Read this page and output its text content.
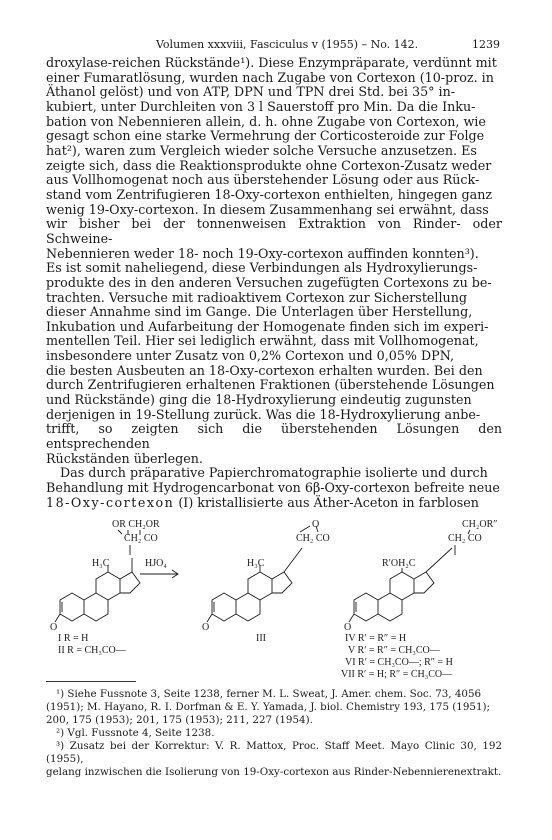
Volumen xxxviii, Fasciculus v (1955) – No. 142.	1239

droxylase-reichen Rückstände¹). Diese Enzympräparate, verdünnt mit

einer Fumaratlösung, wurden nach Zugabe von Cortexon (10-proz. in

Äthanol gelöst) und von ATP, DPN und TPN drei Std. bei 35° in-

kubiert, unter Durchleiten von 3 l Sauerstoff pro Min. Da die Inku-

bation von Nebennieren allein, d. h. ohne Zugabe von Cortexon, wie

gesagt schon eine starke Vermehrung der Corticosteroide zur Folge

hat²), waren zum Vergleich wieder solche Versuche anzusetzen. Es

zeigte sich, dass die Reaktionsprodukte ohne Cortexon-Zusatz weder

aus Vollhomogenat noch aus überstehender Lösung oder aus Rück-

stand vom Zentrifugieren 18-Oxy-cortexon enthielten, hingegen ganz

wenig 19-Oxy-cortexon. In diesem Zusammenhang sei erwähnt, dass

wir bisher bei der tonnenweisen Extraktion von Rinder- oder Schweine-

Nebennieren weder 18- noch 19-Oxy-cortexon auffinden konnten³).

Es ist somit naheliegend, diese Verbindungen als Hydroxylierungs-

produkte des in den anderen Versuchen zugefügten Cortexons zu be-

trachten. Versuche mit radioaktivem Cortexon zur Sicherstellung

dieser Annahme sind im Gange. Die Unterlagen über Herstellung,

Inkubation und Aufarbeitung der Homogenate finden sich im experi-

mentellen Teil. Hier sei lediglich erwähnt, dass mit Vollhomogenat,

insbesondere unter Zusatz von 0,2% Cortexon und 0,05% DPN,

die besten Ausbeuten an 18-Oxy-cortexon erhalten wurden. Bei den

durch Zentrifugieren erhaltenen Fraktionen (überstehende Lösungen

und Rückstände) ging die 18-Hydroxylierung eindeutig zugunsten

derjenigen in 19-Stellung zurück. Was die 18-Hydroxylierung anbe-

trifft, so zeigten sich die überstehenden Lösungen den entsprechenden

Rückständen überlegen.

Das durch präparative Papierchromatographie isolierte und durch

Behandlung mit Hydrogencarbonat von 6β-Oxy-cortexon befreite neue

18-Oxy-cortexon (I) kristallisierte aus Äther-Aceton in farblosen

OR CH₂OR
CH₂ CO
H₃C
O
HJO₄
O
CH₂ CO
H₃C
O
CH₂OR″
CH₂ CO
R′OH₂C
O
I R = H
II R = CH₃CO—
III	IV R′ = R″ = H
V R′ = R″ = CH₃CO—
VI R′ = CH₃CO—; R″ = H
VII R′ = H; R″ = CH₃CO—

¹) Siehe Fussnote 3, Seite 1238, ferner M. L. Sweat, J. Amer. chem. Soc. 73, 4056

(1951); M. Hayano, R. I. Dorfman & E. Y. Yamada, J. biol. Chemistry 193, 175 (1951);

200, 175 (1953); 201, 175 (1953); 211, 227 (1954).

²) Vgl. Fussnote 4, Seite 1238.

³) Zusatz bei der Korrektur: V. R. Mattox, Proc. Staff Meet. Mayo Clinic 30, 192 (1955),

gelang inzwischen die Isolierung von 19-Oxy-cortexon aus Rinder-Nebennierenextrakt.
